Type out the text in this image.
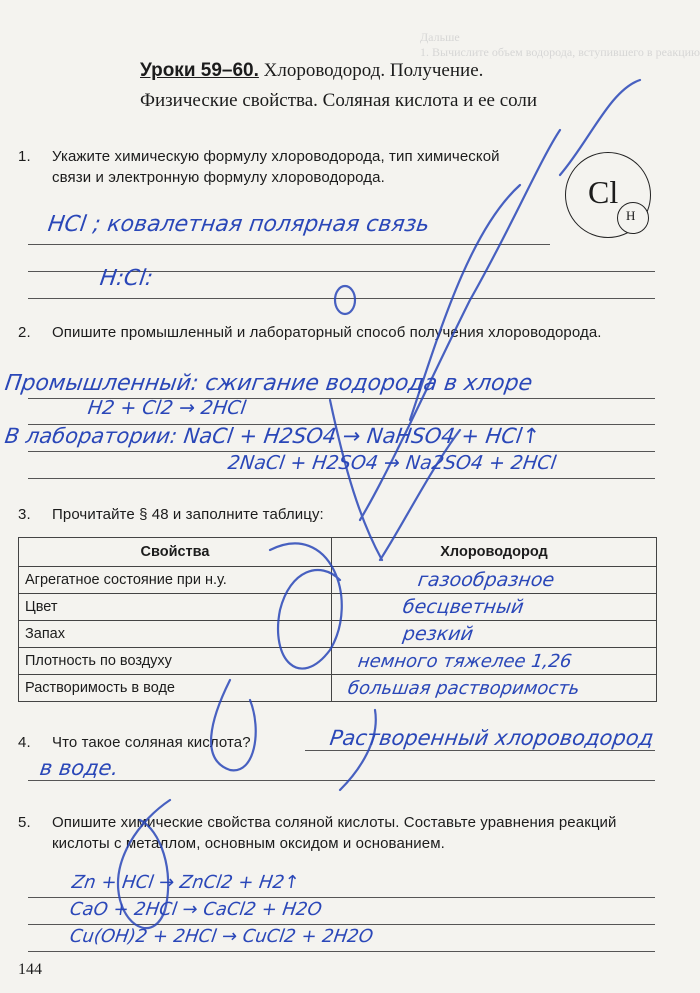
Дальше
1. Вычислите объем водорода, вступившего в реакцию
Уроки 59–60. Хлороводород. Получение.
Физические свойства. Соляная кислота и ее соли
1. Укажите химическую формулу хлороводорода, тип химической связи и электронную формулу хлороводорода.	Cl
H
HCl ; ковалетная полярная связь
H:Cl:
2. Опишите промышленный и лабораторный способ получения хлороводорода.
Промышленный: сжигание водорода в хлоре
H2 + Cl2 → 2HCl
В лаборатории: NaCl + H2SO4 → NaHSO4 + HCl↑
2NaCl + H2SO4 → Na2SO4 + 2HCl
3. Прочитайте § 48 и заполните таблицу:
Свойства	Хлороводород
Агрегатное состояние при н.у.	газообразное
Цвет	бесцветный
Запах	резкий
Плотность по воздуху	немного тяжелее 1,26
Растворимость в воде	большая растворимость
4. Что такое соляная кислота?	Растворенный хлороводород
в воде.
5. Опишите химические свойства соляной кислоты. Составьте уравнения реакций кислоты с металлом, основным оксидом и основанием.
Zn + HCl → ZnCl2 + H2↑
CaO + 2HCl → CaCl2 + H2O
Cu(OH)2 + 2HCl → CuCl2 + 2H2O
144
